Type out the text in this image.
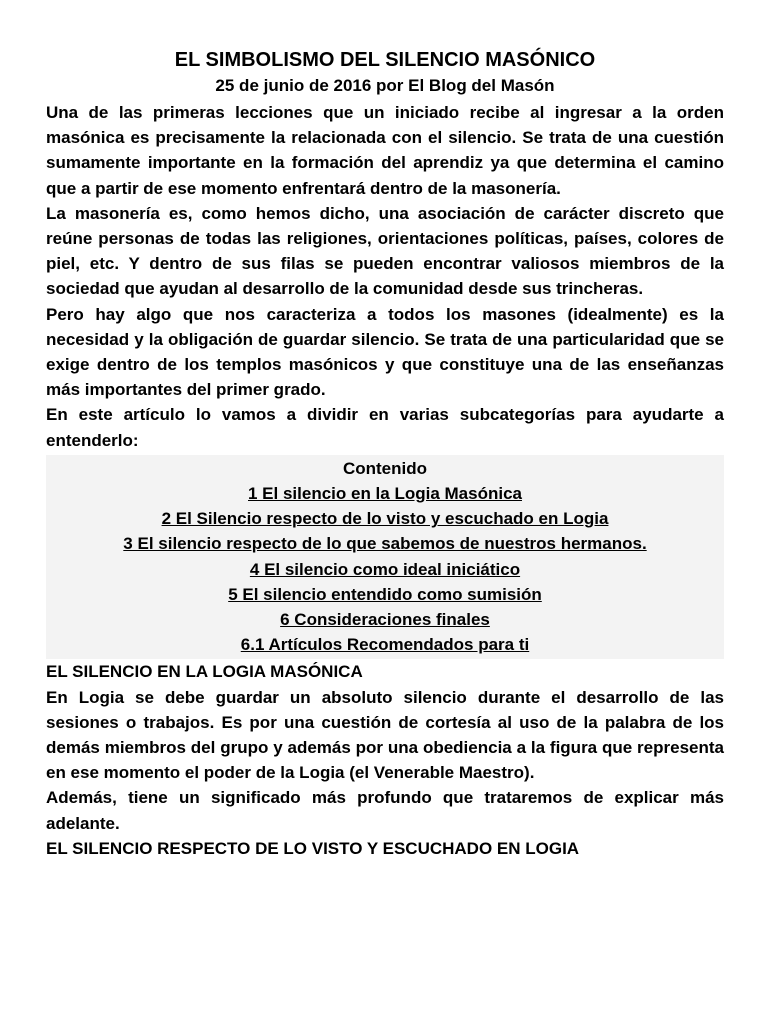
EL SIMBOLISMO DEL SILENCIO MASÓNICO

25 de junio de 2016 por El Blog del Masón

Una de las primeras lecciones que un iniciado recibe al ingresar a la orden masónica es precisamente la relacionada con el silencio. Se trata de una cuestión sumamente importante en la formación del aprendiz ya que determina el camino que a partir de ese momento enfrentará dentro de la masonería.

La masonería es, como hemos dicho, una asociación de carácter discreto que reúne personas de todas las religiones, orientaciones políticas, países, colores de piel, etc. Y dentro de sus filas se pueden encontrar valiosos miembros de la sociedad que ayudan al desarrollo de la comunidad desde sus trincheras.

Pero hay algo que nos caracteriza a todos los masones (idealmente) es la necesidad y la obligación de guardar silencio. Se trata de una particularidad que se exige dentro de los templos masónicos y que constituye una de las enseñanzas más importantes del primer grado.

En este artículo lo vamos a dividir en varias subcategorías para ayudarte a entenderlo:

Contenido

1 El silencio en la Logia Masónica
2 El Silencio respecto de lo visto y escuchado en Logia
3 El silencio respecto de lo que sabemos de nuestros hermanos.
4 El silencio como ideal iniciático
5 El silencio entendido como sumisión
6 Consideraciones finales
6.1 Artículos Recomendados para ti

EL SILENCIO EN LA LOGIA MASÓNICA

En Logia se debe guardar un absoluto silencio durante el desarrollo de las sesiones o trabajos. Es por una cuestión de cortesía al uso de la palabra de los demás miembros del grupo y además por una obediencia a la figura que representa en ese momento el poder de la Logia (el Venerable Maestro).

Además, tiene un significado más profundo que trataremos de explicar más adelante.

EL SILENCIO RESPECTO DE LO VISTO Y ESCUCHADO EN LOGIA
